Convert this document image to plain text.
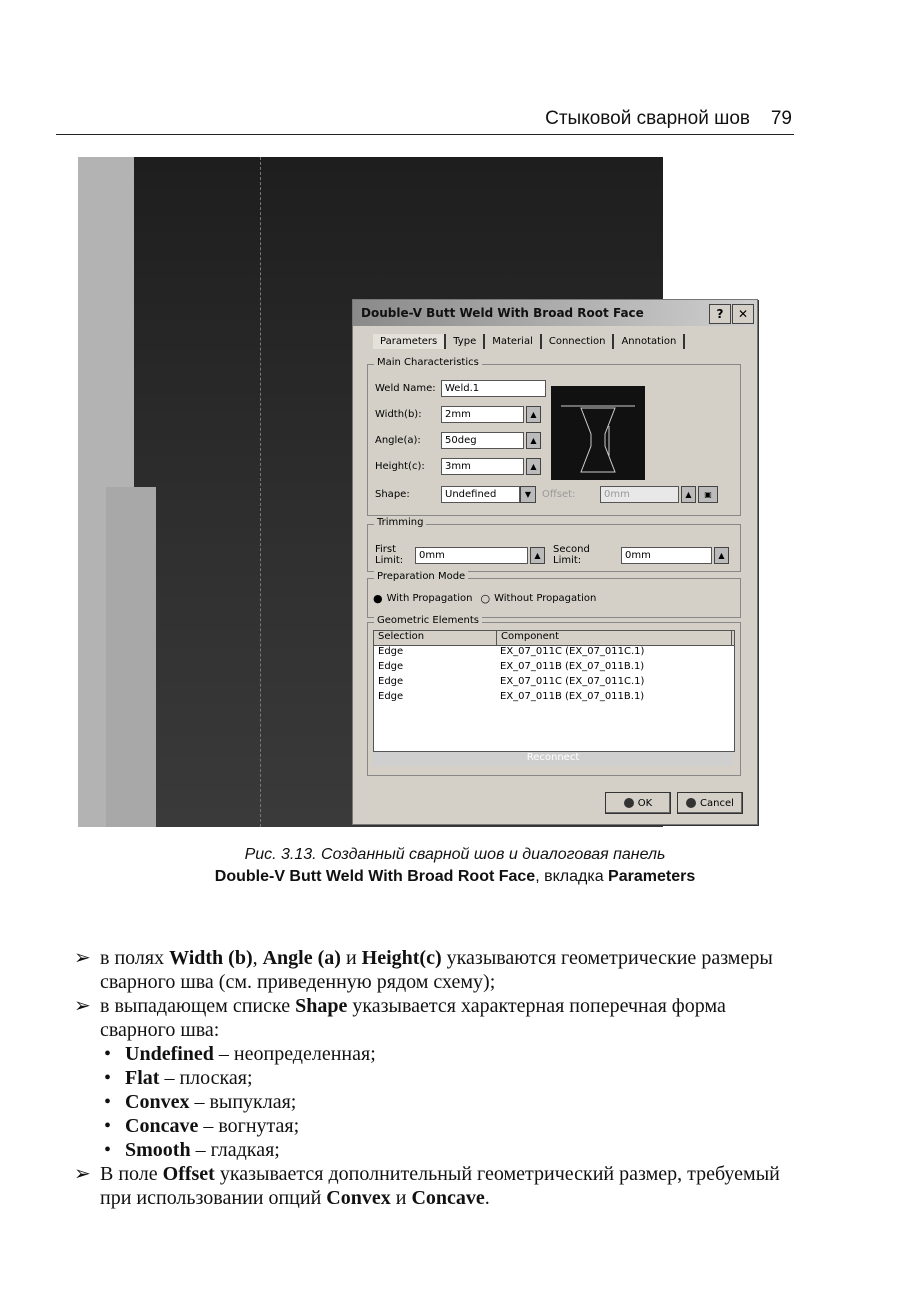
Стыковой сварной шов 79
Double-V Butt Weld With Broad Root Face	?	✕
Parameters	Type	Material	Connection	Annotation
Main Characteristics
Weld Name: Weld.1
Width(b):	2mm	▲
Angle(a):	50deg	▲
Height(c):	3mm	▲
Shape:	Undefined	▼	Offset:	0mm	▲	▣
Trimming
First Limit:	0mm	▲	Second Limit:	0mm	▲
Preparation Mode
● With Propagation ○ Without Propagation
Geometric Elements
Selection	Component
Edge	EX_07_011C (EX_07_011C.1)
Edge	EX_07_011B (EX_07_011B.1)
Edge	EX_07_011C (EX_07_011C.1)
Edge	EX_07_011B (EX_07_011B.1)
Reconnect
OK	Cancel
Рис. 3.13. Созданный сварной шов и диалоговая панель
Double-V Butt Weld With Broad Root Face, вкладка Parameters
➢ в полях Width (b), Angle (a) и Height(c) указываются геометрические размеры сварного шва (см. приведенную рядом схему);
➢ в выпадающем списке Shape указывается характерная поперечная форма сварного шва:
• Undefined – неопределенная;
• Flat – плоская;
• Convex – выпуклая;
• Concave – вогнутая;
• Smooth – гладкая;
➢ В поле Offset указывается дополнительный геометрический размер, требуемый при использовании опций Convex и Concave.
